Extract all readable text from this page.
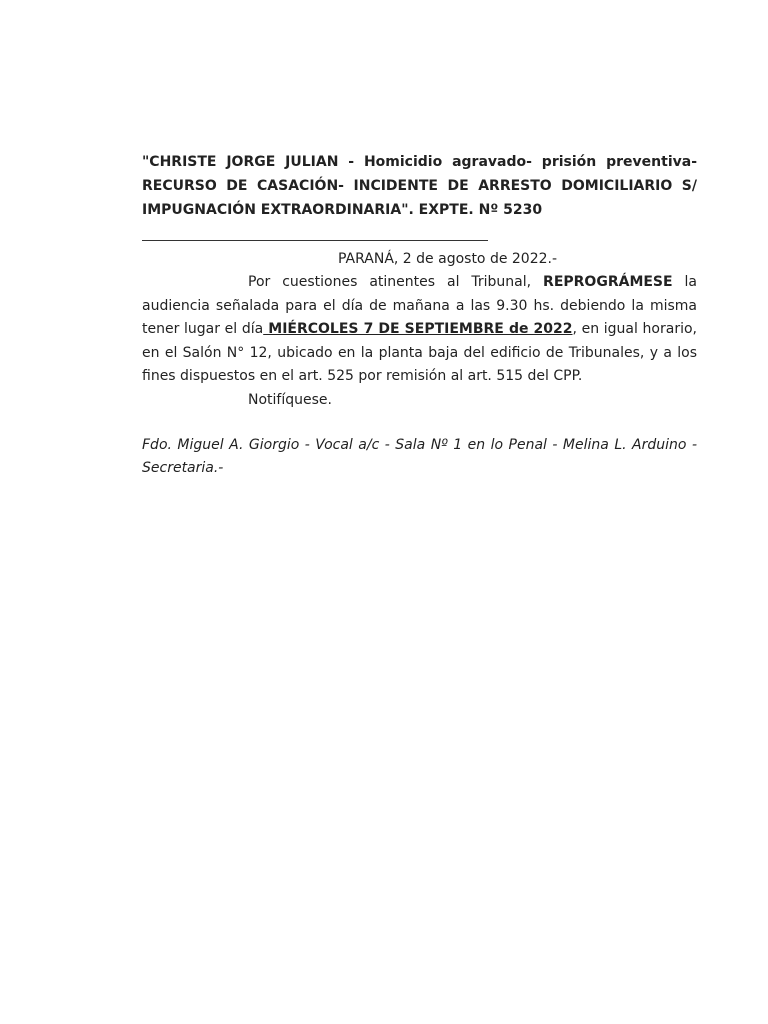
"CHRISTE JORGE JULIAN - Homicidio agravado- prisión preventiva- RECURSO DE CASACIÓN- INCIDENTE DE ARRESTO DOMICILIARIO S/ IMPUGNACIÓN EXTRAORDINARIA". EXPTE. Nº 5230

PARANÁ, 2 de agosto de 2022.-

Por cuestiones atinentes al Tribunal, REPROGRÁMESE la audiencia señalada para el día de mañana a las 9.30 hs. debiendo la misma tener lugar el día MIÉRCOLES 7 DE SEPTIEMBRE de 2022, en igual horario, en el Salón N° 12, ubicado en la planta baja del edificio de Tribunales, y a los fines dispuestos en el art. 525 por remisión al art. 515 del CPP.

Notifíquese.
Fdo. Miguel A. Giorgio - Vocal a/c - Sala Nº 1 en lo Penal - Melina L. Arduino - Secretaria.-
